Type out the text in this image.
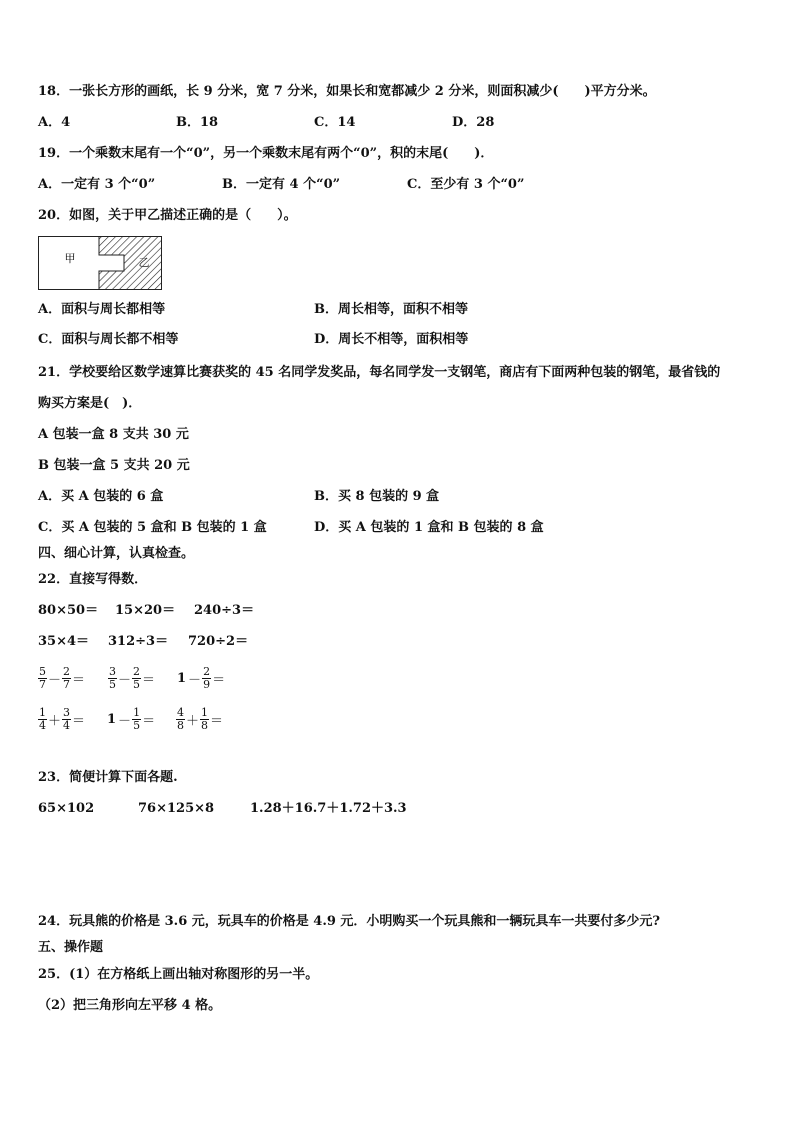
18．一张长方形的画纸，长 9 分米，宽 7 分米，如果长和宽都减少 2 分米，则面积减少(　　)平方分米。
A．4	B．18	C．14	D．28
19．一个乘数末尾有一个“0”，另一个乘数末尾有两个“0”，积的末尾(　　)．
A．一定有 3 个“0”	B．一定有 4 个“0”	C．至少有 3 个“0”
20．如图，关于甲乙描述正确的是（　　）。
甲	乙
A．面积与周长都相等	B．周长相等，面积不相等
C．面积与周长都不相等	D．周长不相等，面积相等
21．学校要给区数学速算比赛获奖的 45 名同学发奖品，每名同学发一支钢笔，商店有下面两种包装的钢笔，最省钱的
购买方案是(　)．
A 包装一盒 8 支共 30 元
B 包装一盒 5 支共 20 元
A．买 A 包装的 6 盒	B．买 8 包装的 9 盒
C．买 A 包装的 5 盒和 B 包装的 1 盒	D．买 A 包装的 1 盒和 B 包装的 8 盒
四、细心计算，认真检查。
22．直接写得数．
80×50＝ 15×20＝ 240÷3＝
35×4＝ 312÷3＝ 720÷2＝
$\frac{5}{7} - \frac{2}{7} = \frac{3}{5} - \frac{2}{5} = 1 - \frac{2}{9}$ ＝
$\frac{1}{4} + \frac{3}{4} = 1 - \frac{1}{5} = \frac{4}{8} + \frac{1}{8}$ ＝
23．简便计算下面各题.
65×102	76×125×8	1.28＋16.7＋1.72＋3.3
24．玩具熊的价格是 3.6 元，玩具车的价格是 4.9 元．小明购买一个玩具熊和一辆玩具车一共要付多少元?
五、操作题
25．(1）在方格纸上画出轴对称图形的另一半。
（2）把三角形向左平移 4 格。
